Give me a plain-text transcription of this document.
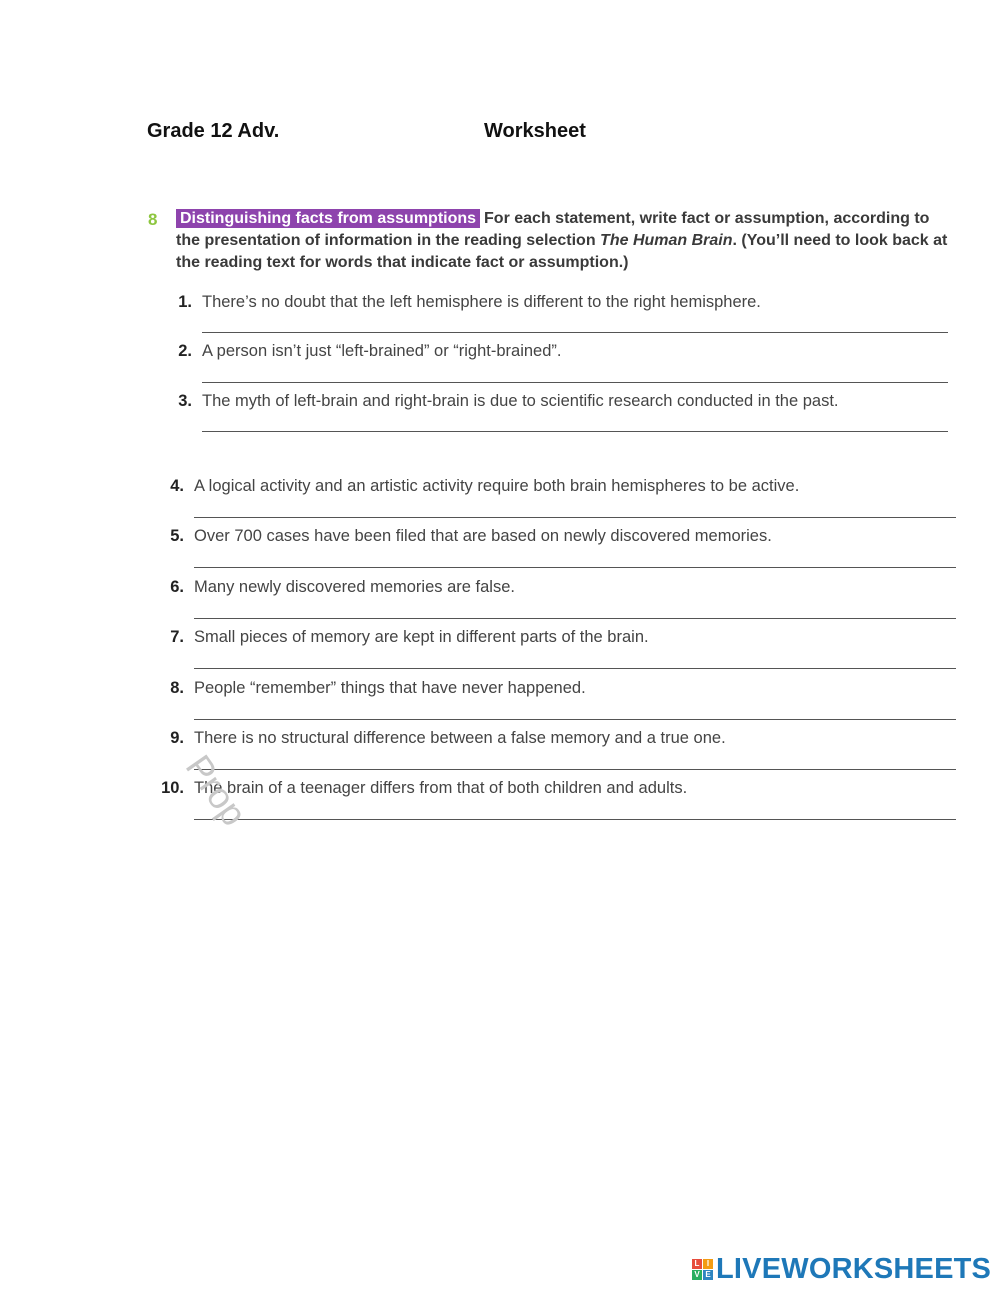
Grade 12 Adv.	Worksheet
8 Distinguishing facts from assumptions For each statement, write fact or assumption, according to the presentation of information in the reading selection The Human Brain. (You’ll need to look back at the reading text for words that indicate fact or assumption.)

1. There’s no doubt that the left hemisphere is different to the right hemisphere.
2. A person isn’t just “left-brained” or “right-brained”.
3. The myth of left-brain and right-brain is due to scientific research conducted in the past.
4. A logical activity and an artistic activity require both brain hemispheres to be active.
5. Over 700 cases have been filed that are based on newly discovered memories.
6. Many newly discovered memories are false.
7. Small pieces of memory are kept in different parts of the brain.
8. People “remember” things that have never happened.
9. There is no structural difference between a false memory and a true one.
10. The brain of a teenager differs from that of both children and adults.
Prop
L I
V E LIVEWORKSHEETS
